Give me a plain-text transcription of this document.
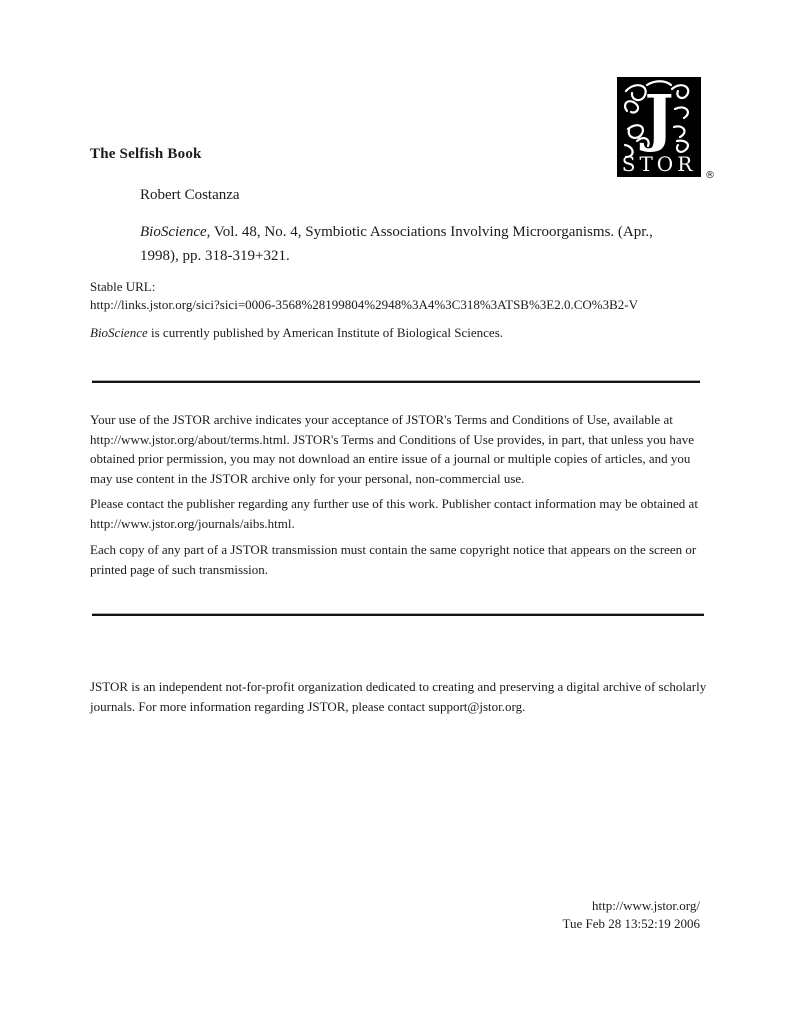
J
STOR ®
The Selfish Book
Robert Costanza
BioScience, Vol. 48, No. 4, Symbiotic Associations Involving Microorganisms. (Apr., 1998), pp. 318-319+321.
Stable URL:
http://links.jstor.org/sici?sici=0006-3568%28199804%2948%3A4%3C318%3ATSB%3E2.0.CO%3B2-V
BioScience is currently published by American Institute of Biological Sciences.
Your use of the JSTOR archive indicates your acceptance of JSTOR's Terms and Conditions of Use, available at http://www.jstor.org/about/terms.html. JSTOR's Terms and Conditions of Use provides, in part, that unless you have obtained prior permission, you may not download an entire issue of a journal or multiple copies of articles, and you may use content in the JSTOR archive only for your personal, non-commercial use.
Please contact the publisher regarding any further use of this work. Publisher contact information may be obtained at http://www.jstor.org/journals/aibs.html.
Each copy of any part of a JSTOR transmission must contain the same copyright notice that appears on the screen or printed page of such transmission.
JSTOR is an independent not-for-profit organization dedicated to creating and preserving a digital archive of scholarly journals. For more information regarding JSTOR, please contact support@jstor.org.
http://www.jstor.org/
Tue Feb 28 13:52:19 2006
